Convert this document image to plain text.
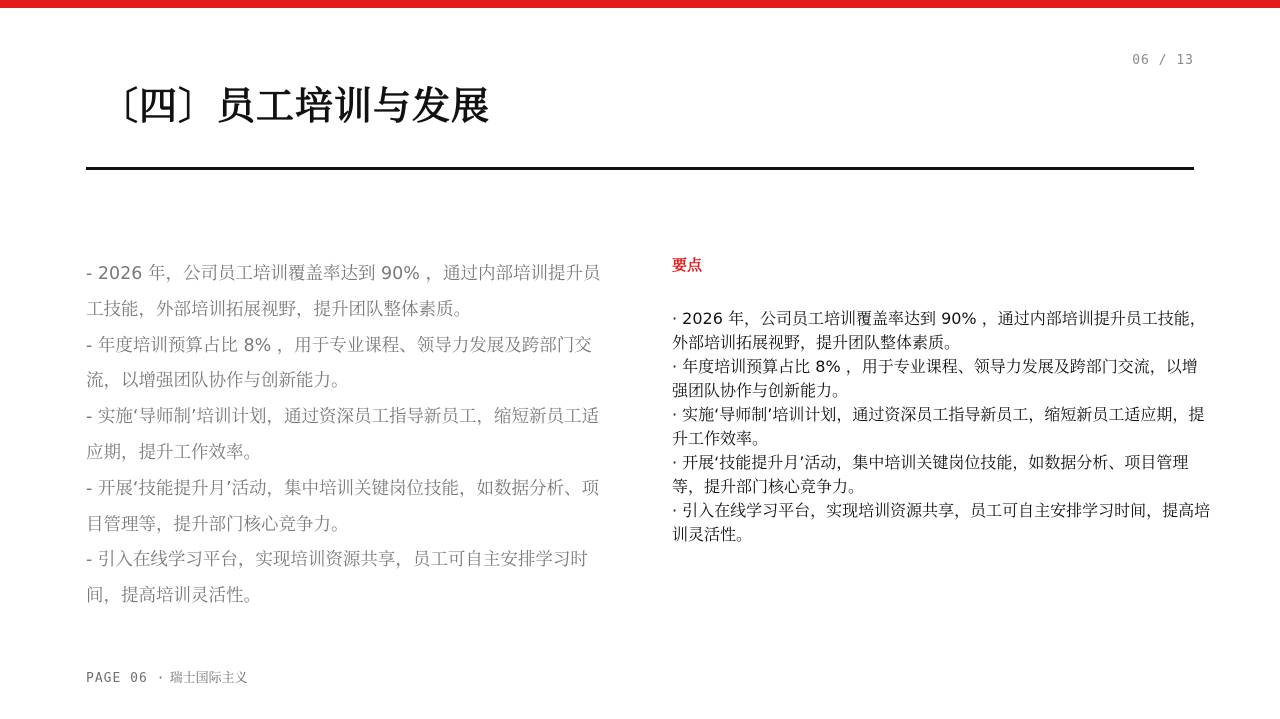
06 / 13
〔四〕员工培训与发展

- 2026 年，公司员工培训覆盖率达到 90% ，通过内部培训提升员工技能，外部培训拓展视野，提升团队整体素质。

- 年度培训预算占比 8% ，用于专业课程、领导力发展及跨部门交流，以增强团队协作与创新能力。

- 实施‘导师制’培训计划，通过资深员工指导新员工，缩短新员工适应期，提升工作效率。

- 开展‘技能提升月’活动，集中培训关键岗位技能，如数据分析、项目管理等，提升部门核心竞争力。

- 引入在线学习平台，实现培训资源共享，员工可自主安排学习时间，提高培训灵活性。

要点

· 2026 年，公司员工培训覆盖率达到 90% ，通过内部培训提升员工技能，外部培训拓展视野，提升团队整体素质。

· 年度培训预算占比 8% ，用于专业课程、领导力发展及跨部门交流，以增强团队协作与创新能力。

· 实施‘导师制’培训计划，通过资深员工指导新员工，缩短新员工适应期，提升工作效率。

· 开展‘技能提升月’活动，集中培训关键岗位技能，如数据分析、项目管理等，提升部门核心竞争力。

· 引入在线学习平台，实现培训资源共享，员工可自主安排学习时间，提高培训灵活性。

PAGE 06 · 瑞士国际主义
